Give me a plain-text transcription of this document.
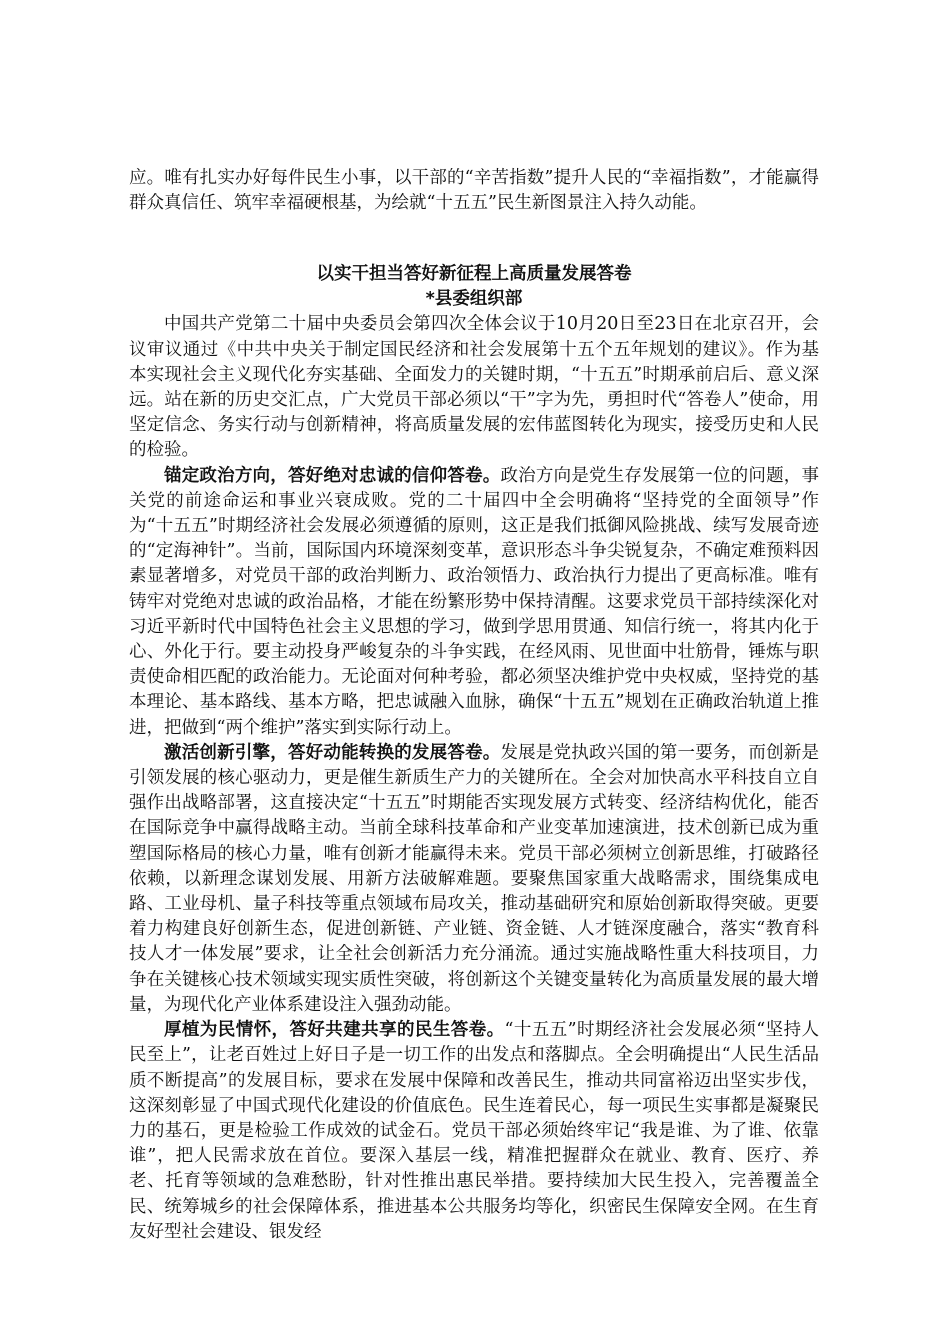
应。唯有扎实办好每件民生小事，以干部的“辛苦指数”提升人民的“幸福指数”，才能赢得群众真信任、筑牢幸福硬根基，为绘就“十五五”民生新图景注入持久动能。

以实干担当答好新征程上高质量发展答卷
*县委组织部

中国共产党第二十届中央委员会第四次全体会议于10月20日至23日在北京召开，会议审议通过《中共中央关于制定国民经济和社会发展第十五个五年规划的建议》。作为基本实现社会主义现代化夯实基础、全面发力的关键时期，“十五五”时期承前启后、意义深远。站在新的历史交汇点，广大党员干部必须以“干”字为先，勇担时代“答卷人”使命，用坚定信念、务实行动与创新精神，将高质量发展的宏伟蓝图转化为现实，接受历史和人民的检验。

锚定政治方向，答好绝对忠诚的信仰答卷。政治方向是党生存发展第一位的问题，事关党的前途命运和事业兴衰成败。党的二十届四中全会明确将“坚持党的全面领导”作为“十五五”时期经济社会发展必须遵循的原则，这正是我们抵御风险挑战、续写发展奇迹的“定海神针”。当前，国际国内环境深刻变革，意识形态斗争尖锐复杂，不确定难预料因素显著增多，对党员干部的政治判断力、政治领悟力、政治执行力提出了更高标准。唯有铸牢对党绝对忠诚的政治品格，才能在纷繁形势中保持清醒。这要求党员干部持续深化对习近平新时代中国特色社会主义思想的学习，做到学思用贯通、知信行统一，将其内化于心、外化于行。要主动投身严峻复杂的斗争实践，在经风雨、见世面中壮筋骨，锤炼与职责使命相匹配的政治能力。无论面对何种考验，都必须坚决维护党中央权威，坚持党的基本理论、基本路线、基本方略，把忠诚融入血脉，确保“十五五”规划在正确政治轨道上推进，把做到“两个维护”落实到实际行动上。

激活创新引擎，答好动能转换的发展答卷。发展是党执政兴国的第一要务，而创新是引领发展的核心驱动力，更是催生新质生产力的关键所在。全会对加快高水平科技自立自强作出战略部署，这直接决定“十五五”时期能否实现发展方式转变、经济结构优化，能否在国际竞争中赢得战略主动。当前全球科技革命和产业变革加速演进，技术创新已成为重塑国际格局的核心力量，唯有创新才能赢得未来。党员干部必须树立创新思维，打破路径依赖，以新理念谋划发展、用新方法破解难题。要聚焦国家重大战略需求，围绕集成电路、工业母机、量子科技等重点领域布局攻关，推动基础研究和原始创新取得突破。更要着力构建良好创新生态，促进创新链、产业链、资金链、人才链深度融合，落实“教育科技人才一体发展”要求，让全社会创新活力充分涌流。通过实施战略性重大科技项目，力争在关键核心技术领域实现实质性突破，将创新这个关键变量转化为高质量发展的最大增量，为现代化产业体系建设注入强劲动能。

厚植为民情怀，答好共建共享的民生答卷。“十五五”时期经济社会发展必须“坚持人民至上”，让老百姓过上好日子是一切工作的出发点和落脚点。全会明确提出“人民生活品质不断提高”的发展目标，要求在发展中保障和改善民生，推动共同富裕迈出坚实步伐，这深刻彰显了中国式现代化建设的价值底色。民生连着民心，每一项民生实事都是凝聚民力的基石，更是检验工作成效的试金石。党员干部必须始终牢记“我是谁、为了谁、依靠谁”，把人民需求放在首位。要深入基层一线，精准把握群众在就业、教育、医疗、养老、托育等领域的急难愁盼，针对性推出惠民举措。要持续加大民生投入，完善覆盖全民、统筹城乡的社会保障体系，推进基本公共服务均等化，织密民生保障安全网。在生育友好型社会建设、银发经
